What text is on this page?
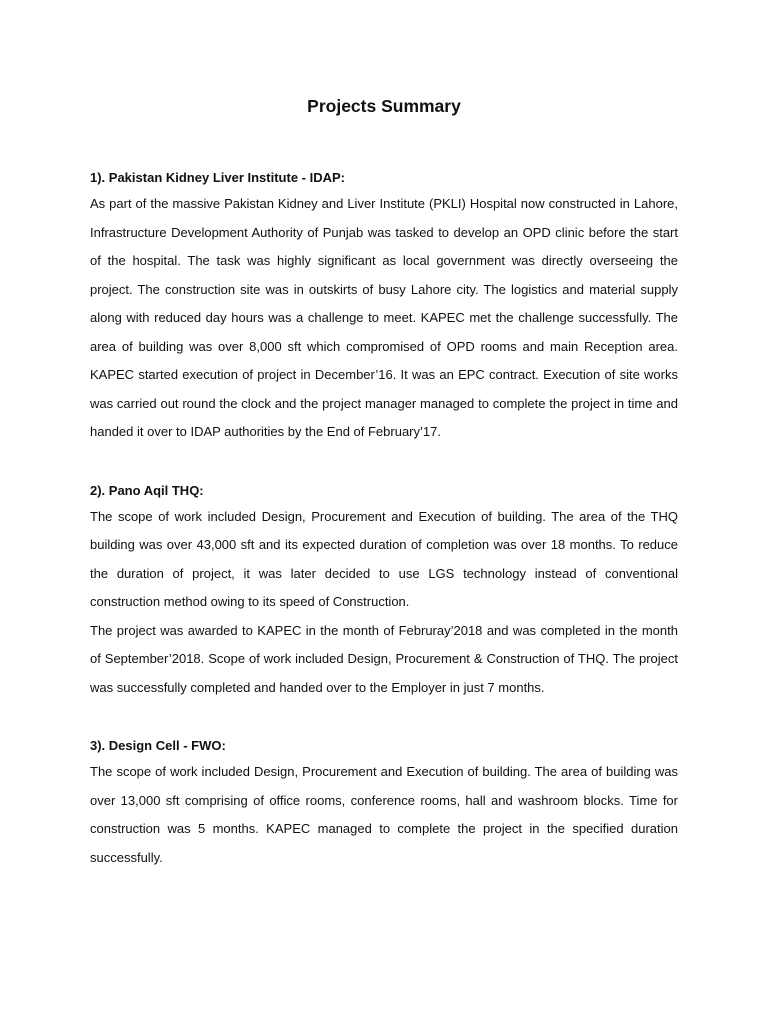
Projects Summary
1). Pakistan Kidney Liver Institute - IDAP:

As part of the massive Pakistan Kidney and Liver Institute (PKLI) Hospital now constructed in Lahore, Infrastructure Development Authority of Punjab was tasked to develop an OPD clinic before the start of the hospital. The task was highly significant as local government was directly overseeing the project. The construction site was in outskirts of busy Lahore city. The logistics and material supply along with reduced day hours was a challenge to meet. KAPEC met the challenge successfully. The area of building was over 8,000 sft which compromised of OPD rooms and main Reception area. KAPEC started execution of project in December’16. It was an EPC contract. Execution of site works was carried out round the clock and the project manager managed to complete the project in time and handed it over to IDAP authorities by the End of February’17.

2). Pano Aqil THQ:

The scope of work included Design, Procurement and Execution of building. The area of the THQ building was over 43,000 sft and its expected duration of completion was over 18 months. To reduce the duration of project, it was later decided to use LGS technology instead of conventional construction method owing to its speed of Construction.

The project was awarded to KAPEC in the month of Februray’2018 and was completed in the month of September’2018. Scope of work included Design, Procurement & Construction of THQ. The project was successfully completed and handed over to the Employer in just 7 months.

3). Design Cell - FWO:

The scope of work included Design, Procurement and Execution of building. The area of building was over 13,000 sft comprising of office rooms, conference rooms, hall and washroom blocks. Time for construction was 5 months. KAPEC managed to complete the project in the specified duration successfully.
